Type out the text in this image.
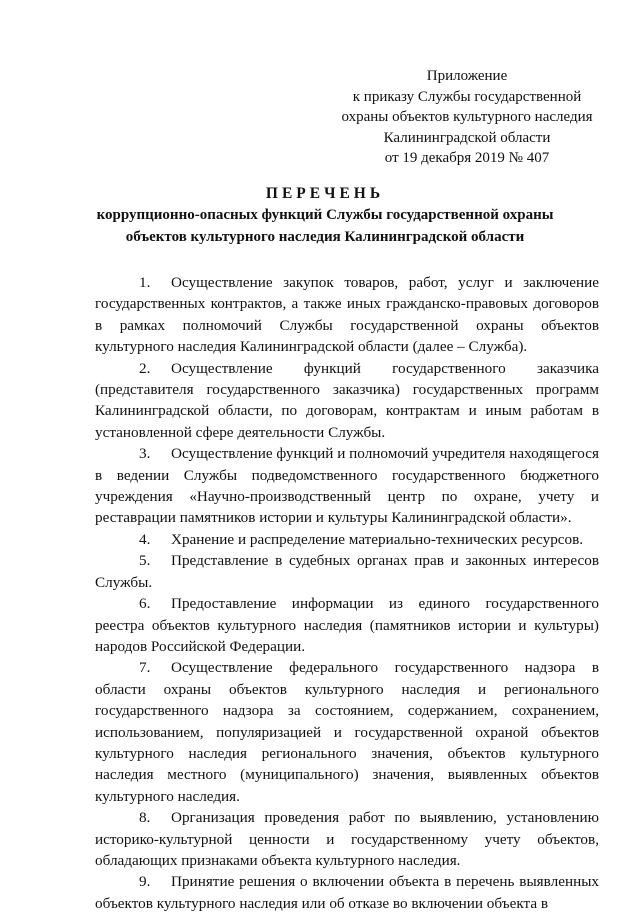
Приложение
к приказу Службы государственной
охраны объектов культурного наследия
Калининградской области
от 19 декабря 2019 № 407
ПЕРЕЧЕНЬ
коррупционно-опасных функций Службы государственной охраны
объектов культурного наследия Калининградской области

1. Осуществление закупок товаров, работ, услуг и заключение государственных контрактов, а также иных гражданско-правовых договоров в рамках полномочий Службы государственной охраны объектов культурного наследия Калининградской области (далее – Служба).

2. Осуществление функций государственного заказчика (представителя государственного заказчика) государственных программ Калининградской области, по договорам, контрактам и иным работам в установленной сфере деятельности Службы.

3. Осуществление функций и полномочий учредителя находящегося в ведении Службы подведомственного государственного бюджетного учреждения «Научно-производственный центр по охране, учету и реставрации памятников истории и культуры Калининградской области».

4. Хранение и распределение материально-технических ресурсов.

5. Представление в судебных органах прав и законных интересов Службы.

6. Предоставление информации из единого государственного реестра объектов культурного наследия (памятников истории и культуры) народов Российской Федерации.

7. Осуществление федерального государственного надзора в области охраны объектов культурного наследия и регионального государственного надзора за состоянием, содержанием, сохранением, использованием, популяризацией и государственной охраной объектов культурного наследия регионального значения, объектов культурного наследия местного (муниципального) значения, выявленных объектов культурного наследия.

8. Организация проведения работ по выявлению, установлению историко-культурной ценности и государственному учету объектов, обладающих признаками объекта культурного наследия.

9. Принятие решения о включении объекта в перечень выявленных объектов культурного наследия или об отказе во включении объекта в
